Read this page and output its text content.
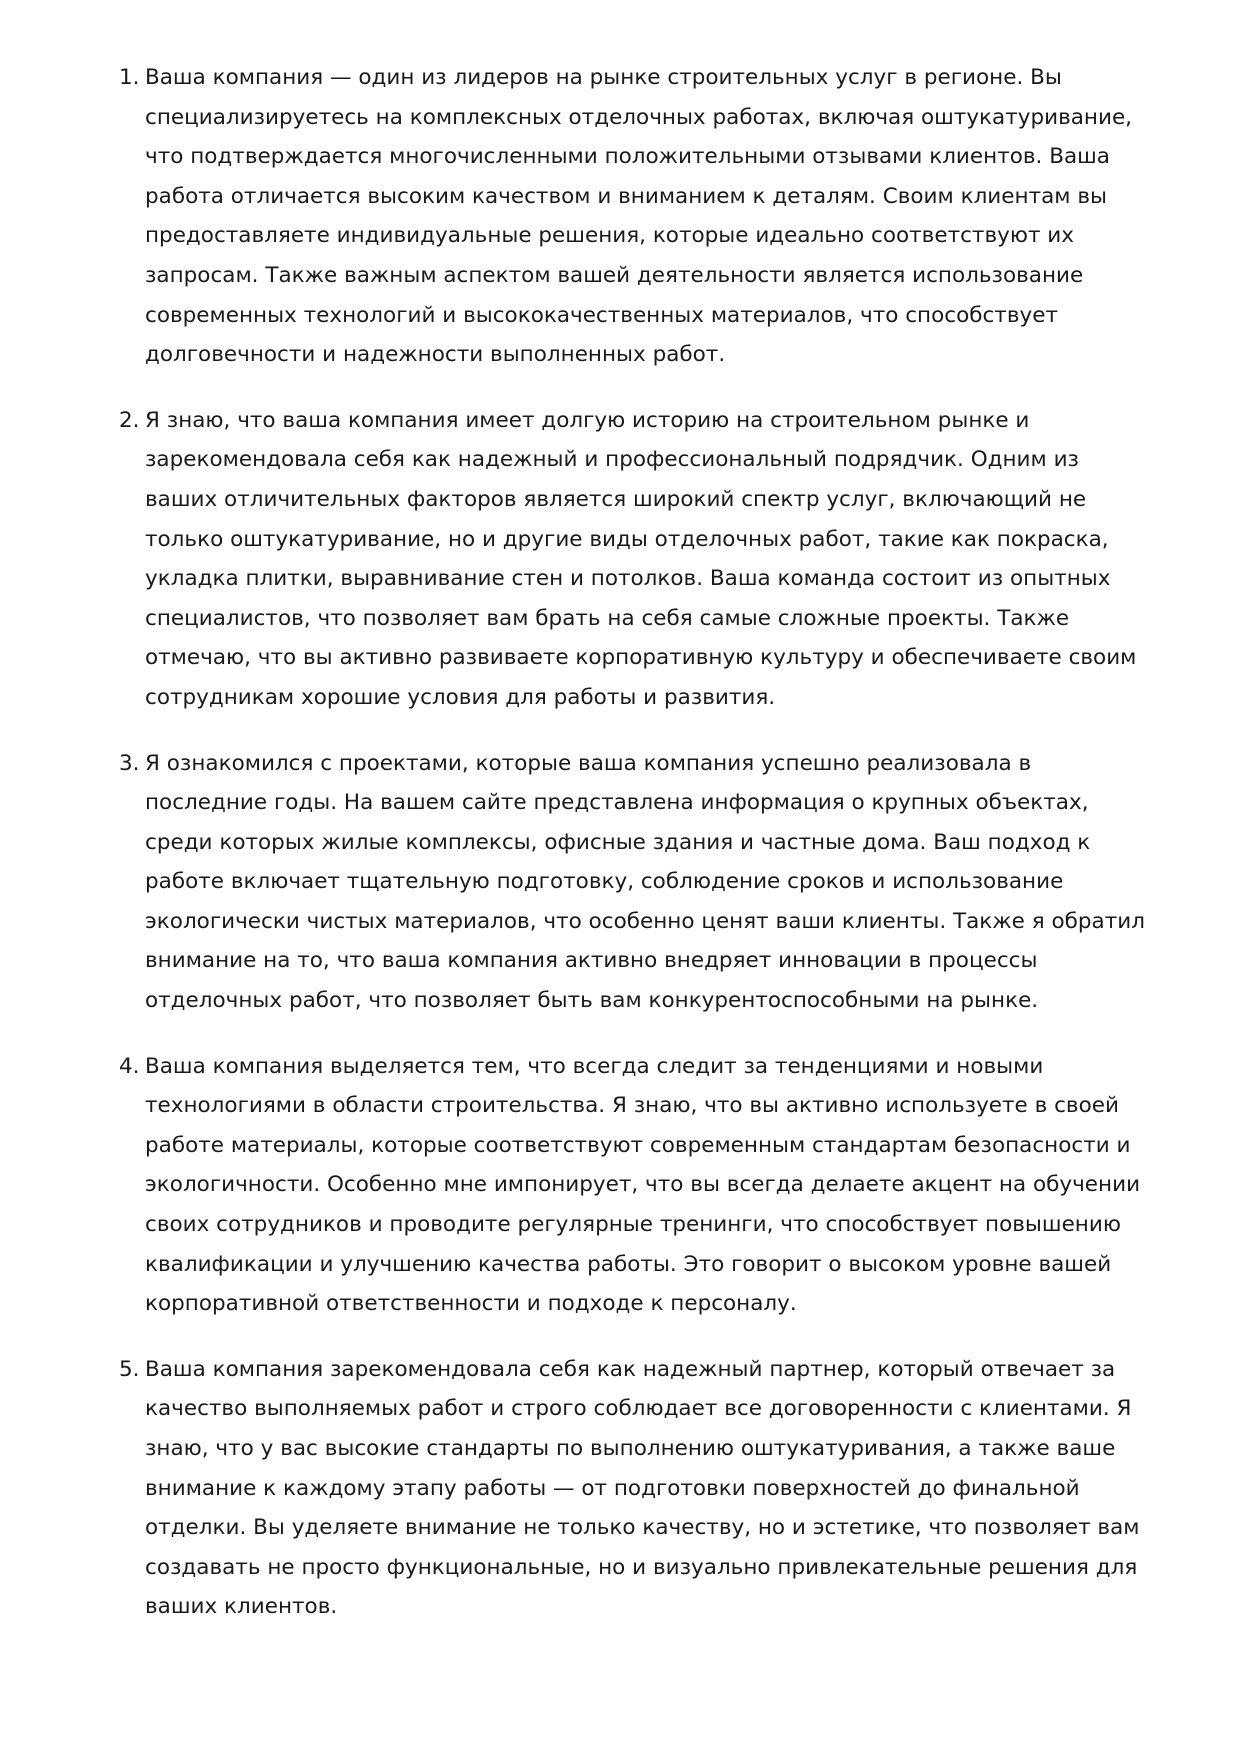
1. Ваша компания — один из лидеров на рынке строительных услуг в регионе. Вы
специализируетесь на комплексных отделочных работах, включая оштукатуривание,
что подтверждается многочисленными положительными отзывами клиентов. Ваша
работа отличается высоким качеством и вниманием к деталям. Своим клиентам вы
предоставляете индивидуальные решения, которые идеально соответствуют их
запросам. Также важным аспектом вашей деятельности является использование
современных технологий и высококачественных материалов, что способствует
долговечности и надежности выполненных работ.
2. Я знаю, что ваша компания имеет долгую историю на строительном рынке и
зарекомендовала себя как надежный и профессиональный подрядчик. Одним из
ваших отличительных факторов является широкий спектр услуг, включающий не
только оштукатуривание, но и другие виды отделочных работ, такие как покраска,
укладка плитки, выравнивание стен и потолков. Ваша команда состоит из опытных
специалистов, что позволяет вам брать на себя самые сложные проекты. Также
отмечаю, что вы активно развиваете корпоративную культуру и обеспечиваете своим
сотрудникам хорошие условия для работы и развития.
3. Я ознакомился с проектами, которые ваша компания успешно реализовала в
последние годы. На вашем сайте представлена информация о крупных объектах,
среди которых жилые комплексы, офисные здания и частные дома. Ваш подход к
работе включает тщательную подготовку, соблюдение сроков и использование
экологически чистых материалов, что особенно ценят ваши клиенты. Также я обратил
внимание на то, что ваша компания активно внедряет инновации в процессы
отделочных работ, что позволяет быть вам конкурентоспособными на рынке.
4. Ваша компания выделяется тем, что всегда следит за тенденциями и новыми
технологиями в области строительства. Я знаю, что вы активно используете в своей
работе материалы, которые соответствуют современным стандартам безопасности и
экологичности. Особенно мне импонирует, что вы всегда делаете акцент на обучении
своих сотрудников и проводите регулярные тренинги, что способствует повышению
квалификации и улучшению качества работы. Это говорит о высоком уровне вашей
корпоративной ответственности и подходе к персоналу.
5. Ваша компания зарекомендовала себя как надежный партнер, который отвечает за
качество выполняемых работ и строго соблюдает все договоренности с клиентами. Я
знаю, что у вас высокие стандарты по выполнению оштукатуривания, а также ваше
внимание к каждому этапу работы — от подготовки поверхностей до финальной
отделки. Вы уделяете внимание не только качеству, но и эстетике, что позволяет вам
создавать не просто функциональные, но и визуально привлекательные решения для
ваших клиентов.
